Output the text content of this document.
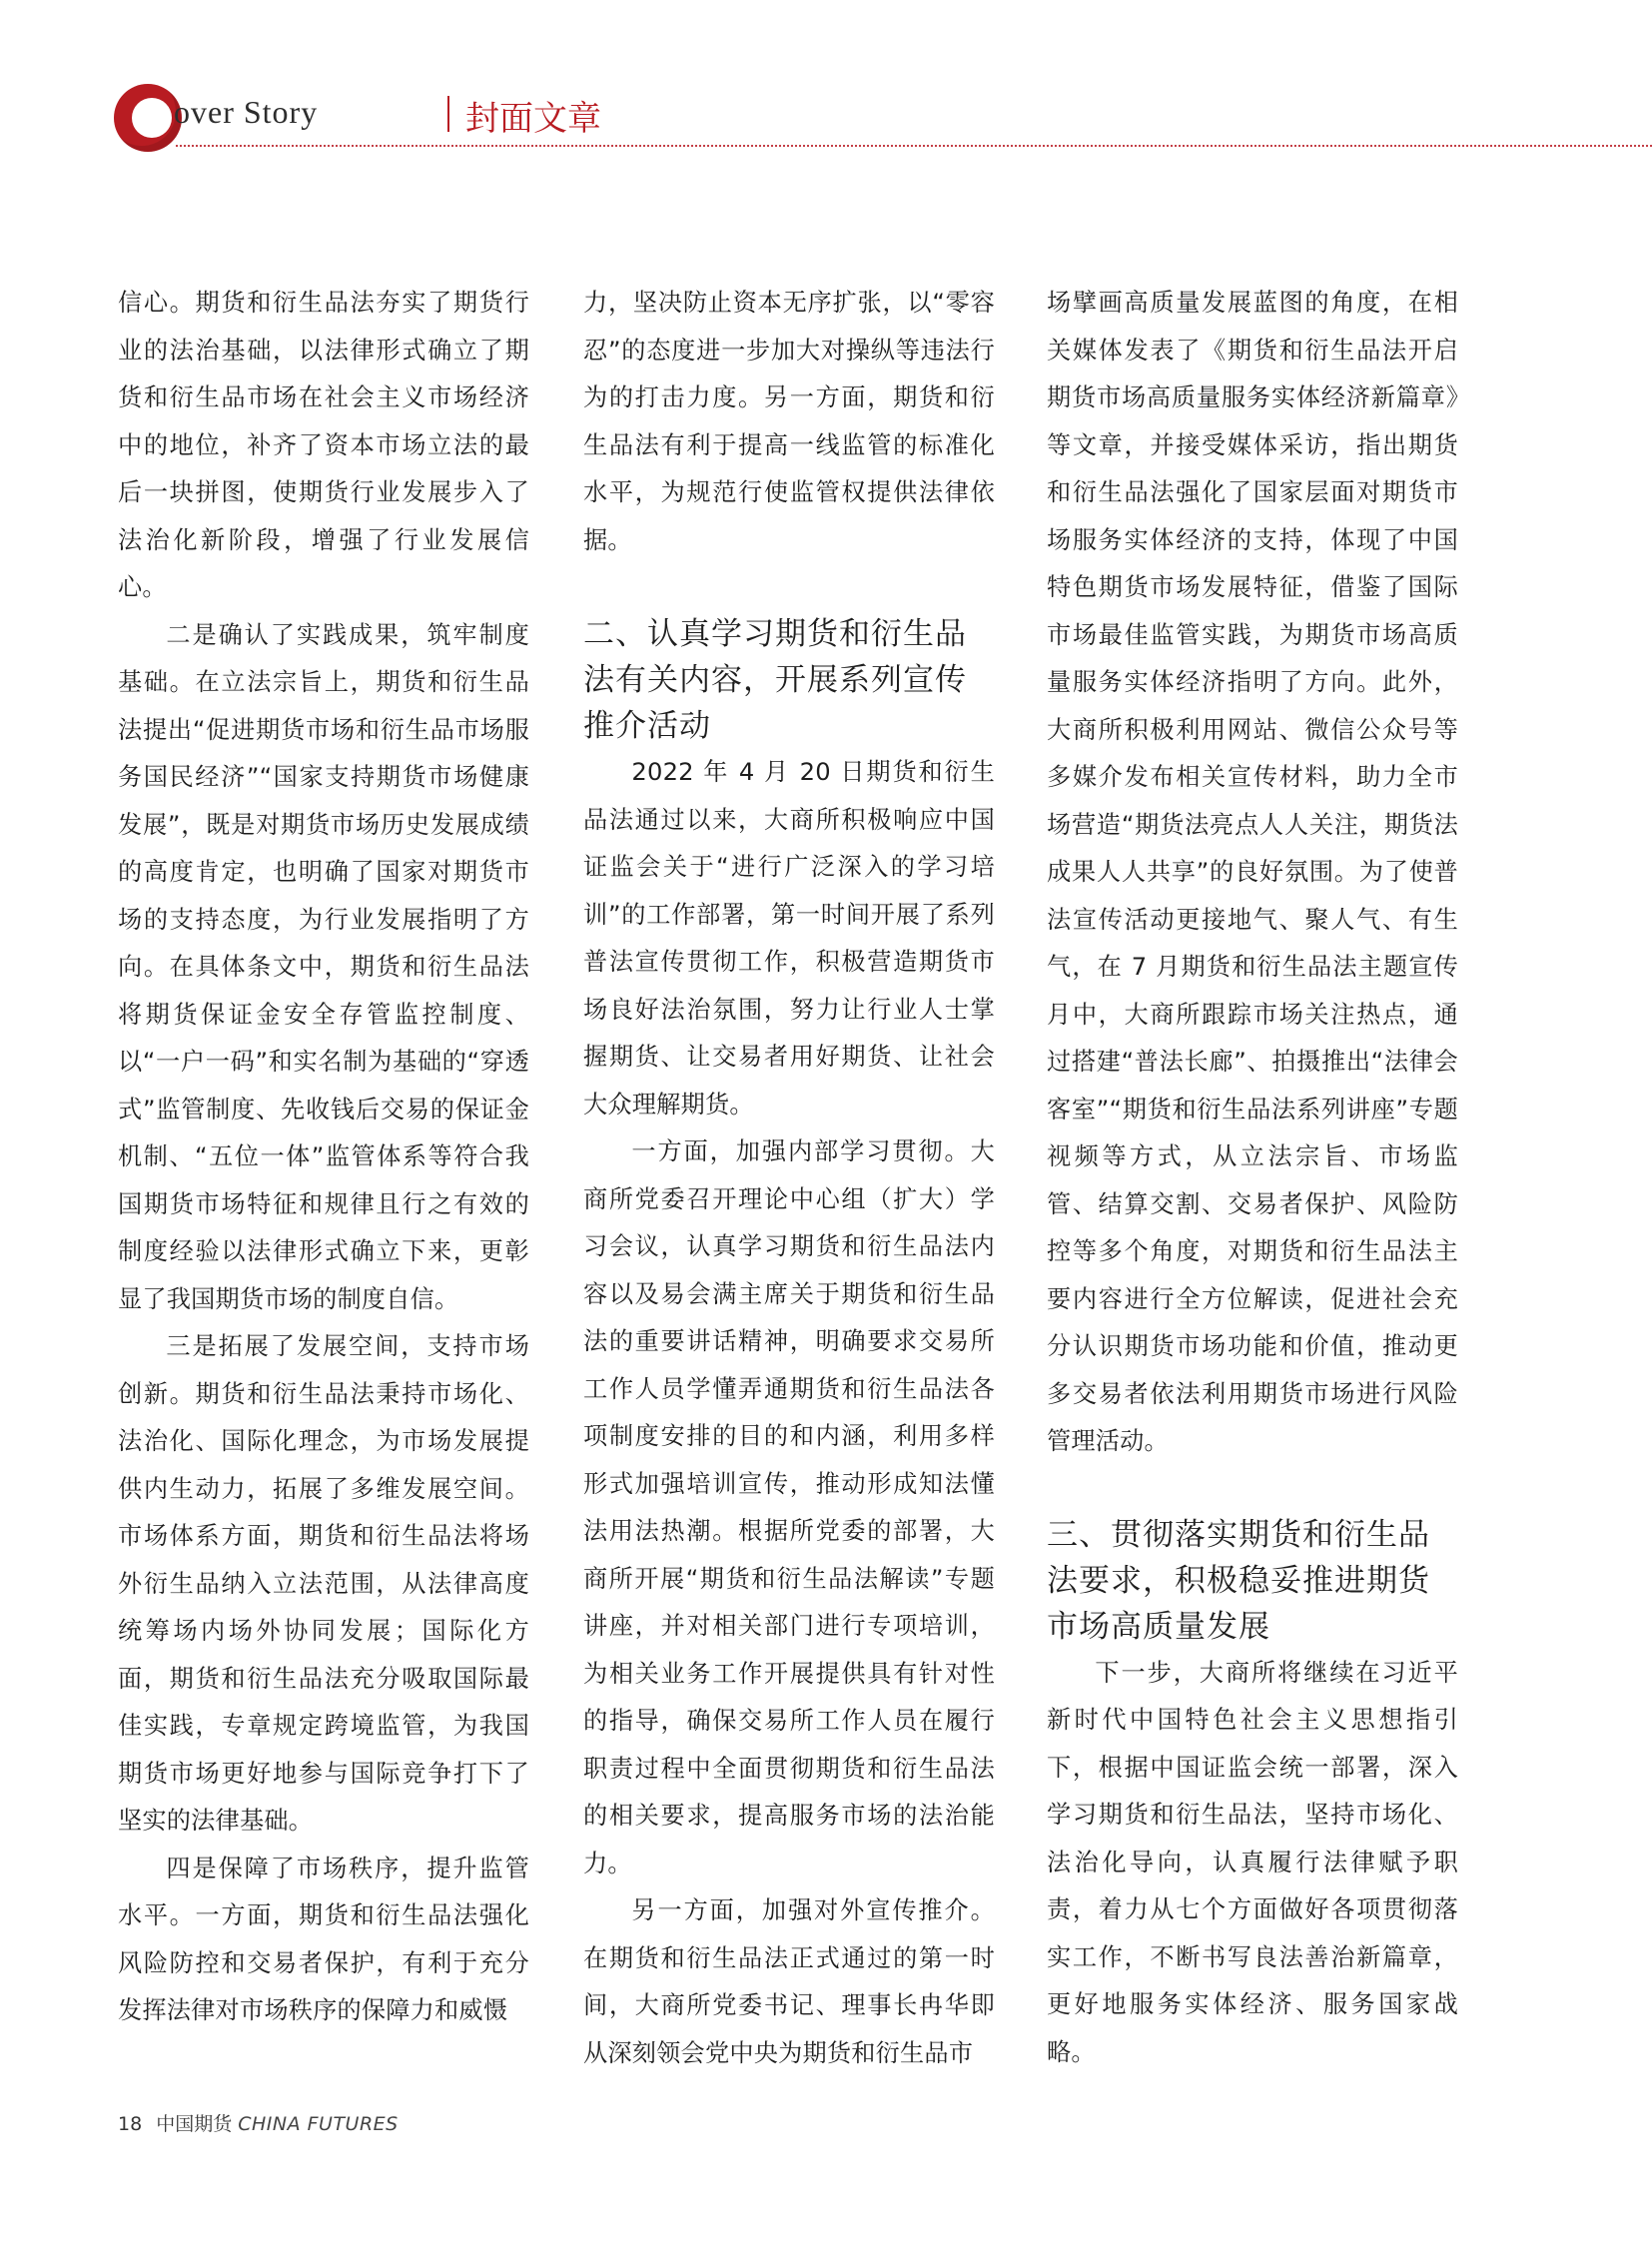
over Story	封面文章

信心。期货和衍生品法夯实了期货行业的法治基础，以法律形式确立了期货和衍生品市场在社会主义市场经济中的地位，补齐了资本市场立法的最后一块拼图，使期货行业发展步入了法治化新阶段，增强了行业发展信心。

二是确认了实践成果，筑牢制度基础。在立法宗旨上，期货和衍生品法提出“促进期货市场和衍生品市场服务国民经济”“国家支持期货市场健康发展”，既是对期货市场历史发展成绩的高度肯定，也明确了国家对期货市场的支持态度，为行业发展指明了方向。在具体条文中，期货和衍生品法将期货保证金安全存管监控制度、以“一户一码”和实名制为基础的“穿透式”监管制度、先收钱后交易的保证金机制、“五位一体”监管体系等符合我国期货市场特征和规律且行之有效的制度经验以法律形式确立下来，更彰显了我国期货市场的制度自信。

三是拓展了发展空间，支持市场创新。期货和衍生品法秉持市场化、法治化、国际化理念，为市场发展提供内生动力，拓展了多维发展空间。市场体系方面，期货和衍生品法将场外衍生品纳入立法范围，从法律高度统筹场内场外协同发展；国际化方面，期货和衍生品法充分吸取国际最佳实践，专章规定跨境监管，为我国期货市场更好地参与国际竞争打下了坚实的法律基础。

四是保障了市场秩序，提升监管水平。一方面，期货和衍生品法强化风险防控和交易者保护，有利于充分发挥法律对市场秩序的保障力和威慑

力，坚决防止资本无序扩张，以“零容忍”的态度进一步加大对操纵等违法行为的打击力度。另一方面，期货和衍生品法有利于提高一线监管的标准化水平，为规范行使监管权提供法律依据。

二、认真学习期货和衍生品法有关内容，开展系列宣传推介活动

2022 年 4 月 20 日期货和衍生品法通过以来，大商所积极响应中国证监会关于“进行广泛深入的学习培训”的工作部署，第一时间开展了系列普法宣传贯彻工作，积极营造期货市场良好法治氛围，努力让行业人士掌握期货、让交易者用好期货、让社会大众理解期货。

一方面，加强内部学习贯彻。大商所党委召开理论中心组（扩大）学习会议，认真学习期货和衍生品法内容以及易会满主席关于期货和衍生品法的重要讲话精神，明确要求交易所工作人员学懂弄通期货和衍生品法各项制度安排的目的和内涵，利用多样形式加强培训宣传，推动形成知法懂法用法热潮。根据所党委的部署，大商所开展“期货和衍生品法解读”专题讲座，并对相关部门进行专项培训，为相关业务工作开展提供具有针对性的指导，确保交易所工作人员在履行职责过程中全面贯彻期货和衍生品法的相关要求，提高服务市场的法治能力。

另一方面，加强对外宣传推介。在期货和衍生品法正式通过的第一时间，大商所党委书记、理事长冉华即从深刻领会党中央为期货和衍生品市

场擘画高质量发展蓝图的角度，在相关媒体发表了《期货和衍生品法开启期货市场高质量服务实体经济新篇章》等文章，并接受媒体采访，指出期货和衍生品法强化了国家层面对期货市场服务实体经济的支持，体现了中国特色期货市场发展特征，借鉴了国际市场最佳监管实践，为期货市场高质量服务实体经济指明了方向。此外，大商所积极利用网站、微信公众号等多媒介发布相关宣传材料，助力全市场营造“期货法亮点人人关注，期货法成果人人共享”的良好氛围。为了使普法宣传活动更接地气、聚人气、有生气，在 7 月期货和衍生品法主题宣传月中，大商所跟踪市场关注热点，通过搭建“普法长廊”、拍摄推出“法律会客室”“期货和衍生品法系列讲座”专题视频等方式，从立法宗旨、市场监管、结算交割、交易者保护、风险防控等多个角度，对期货和衍生品法主要内容进行全方位解读，促进社会充分认识期货市场功能和价值，推动更多交易者依法利用期货市场进行风险管理活动。

三、贯彻落实期货和衍生品法要求，积极稳妥推进期货市场高质量发展

下一步，大商所将继续在习近平新时代中国特色社会主义思想指引下，根据中国证监会统一部署，深入学习期货和衍生品法，坚持市场化、法治化导向，认真履行法律赋予职责，着力从七个方面做好各项贯彻落实工作，不断书写良法善治新篇章，更好地服务实体经济、服务国家战略。

18 中国期货 CHINA FUTURES
